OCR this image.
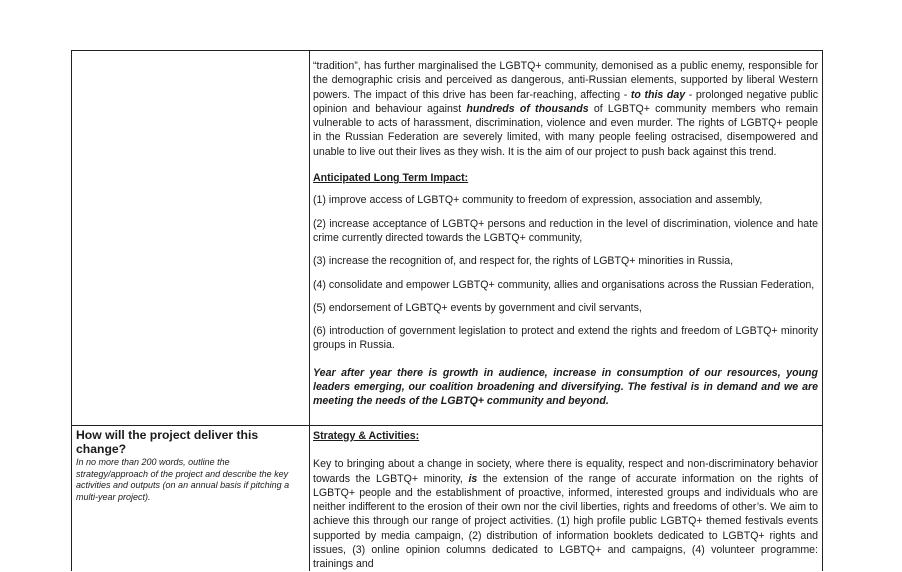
“tradition”, has further marginalised the LGBTQ+ community, demonised as a public enemy, responsible for the demographic crisis and perceived as dangerous, anti-Russian elements, supported by liberal Western powers. The impact of this drive has been far-reaching, affecting - to this day - prolonged negative public opinion and behaviour against hundreds of thousands of LGBTQ+ community members who remain vulnerable to acts of harassment, discrimination, violence and even murder. The rights of LGBTQ+ people in the Russian Federation are severely limited, with many people feeling ostracised, disempowered and unable to live out their lives as they wish. It is the aim of our project to push back against this trend.

Anticipated Long Term Impact:

(1) improve access of LGBTQ+ community to freedom of expression, association and assembly,

(2) increase acceptance of LGBTQ+ persons and reduction in the level of discrimination, violence and hate crime currently directed towards the LGBTQ+ community,

(3) increase the recognition of, and respect for, the rights of LGBTQ+ minorities in Russia,

(4) consolidate and empower LGBTQ+ community, allies and organisations across the Russian Federation,

(5) endorsement of LGBTQ+ events by government and civil servants,

(6) introduction of government legislation to protect and extend the rights and freedom of LGBTQ+ minority groups in Russia.

Year after year there is growth in audience, increase in consumption of our resources, young leaders emerging, our coalition broadening and diversifying. The festival is in demand and we are meeting the needs of the LGBTQ+ community and beyond.

How will the project deliver this change?
In no more than 200 words, outline the strategy/approach of the project and describe the key activities and outputs (on an annual basis if pitching a multi-year project).

Strategy & Activities:

Key to bringing about a change in society, where there is equality, respect and non-discriminatory behavior towards the LGBTQ+ minority, is the extension of the range of accurate information on the rights of LGBTQ+ people and the establishment of proactive, informed, interested groups and individuals who are neither indifferent to the erosion of their own nor the civil liberties, rights and freedoms of other’s. We aim to achieve this through our range of project activities. (1) high profile public LGBTQ+ themed festivals events supported by media campaign, (2) distribution of information booklets dedicated to LGBTQ+ rights and issues, (3) online opinion columns dedicated to LGBTQ+ and campaigns, (4) volunteer programme: trainings and
